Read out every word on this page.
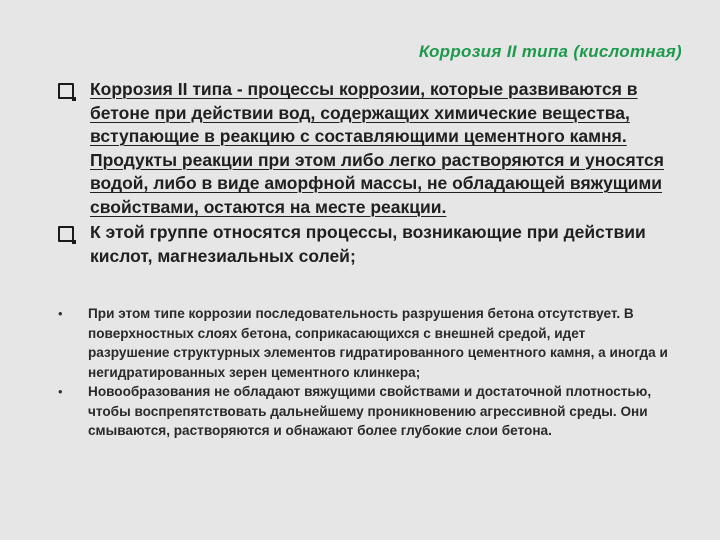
Коррозия II типа (кислотная)
Коррозия II типа - процессы коррозии, которые развиваются в бетоне при действии вод, содержащих химические вещества, вступающие в реакцию с составляющими цементного камня. Продукты реакции при этом либо легко растворяются и уносятся водой, либо в виде аморфной массы, не обладающей вяжущими свойствами, остаются на месте реакции.
К этой группе относятся процессы, возникающие при действии кислот, магнезиальных солей;
• При этом типе коррозии последовательность разрушения бетона отсутствует. В поверхностных слоях бетона, соприкасающихся с внешней средой, идет разрушение структурных элементов гидратированного цементного камня, а иногда и негидратированных зерен цементного клинкера;
• Новообразования не обладают вяжущими свойствами и достаточной плотностью, чтобы воспрепятствовать дальнейшему проникновению агрессивной среды. Они смываются, растворяются и обнажают более глубокие слои бетона.
